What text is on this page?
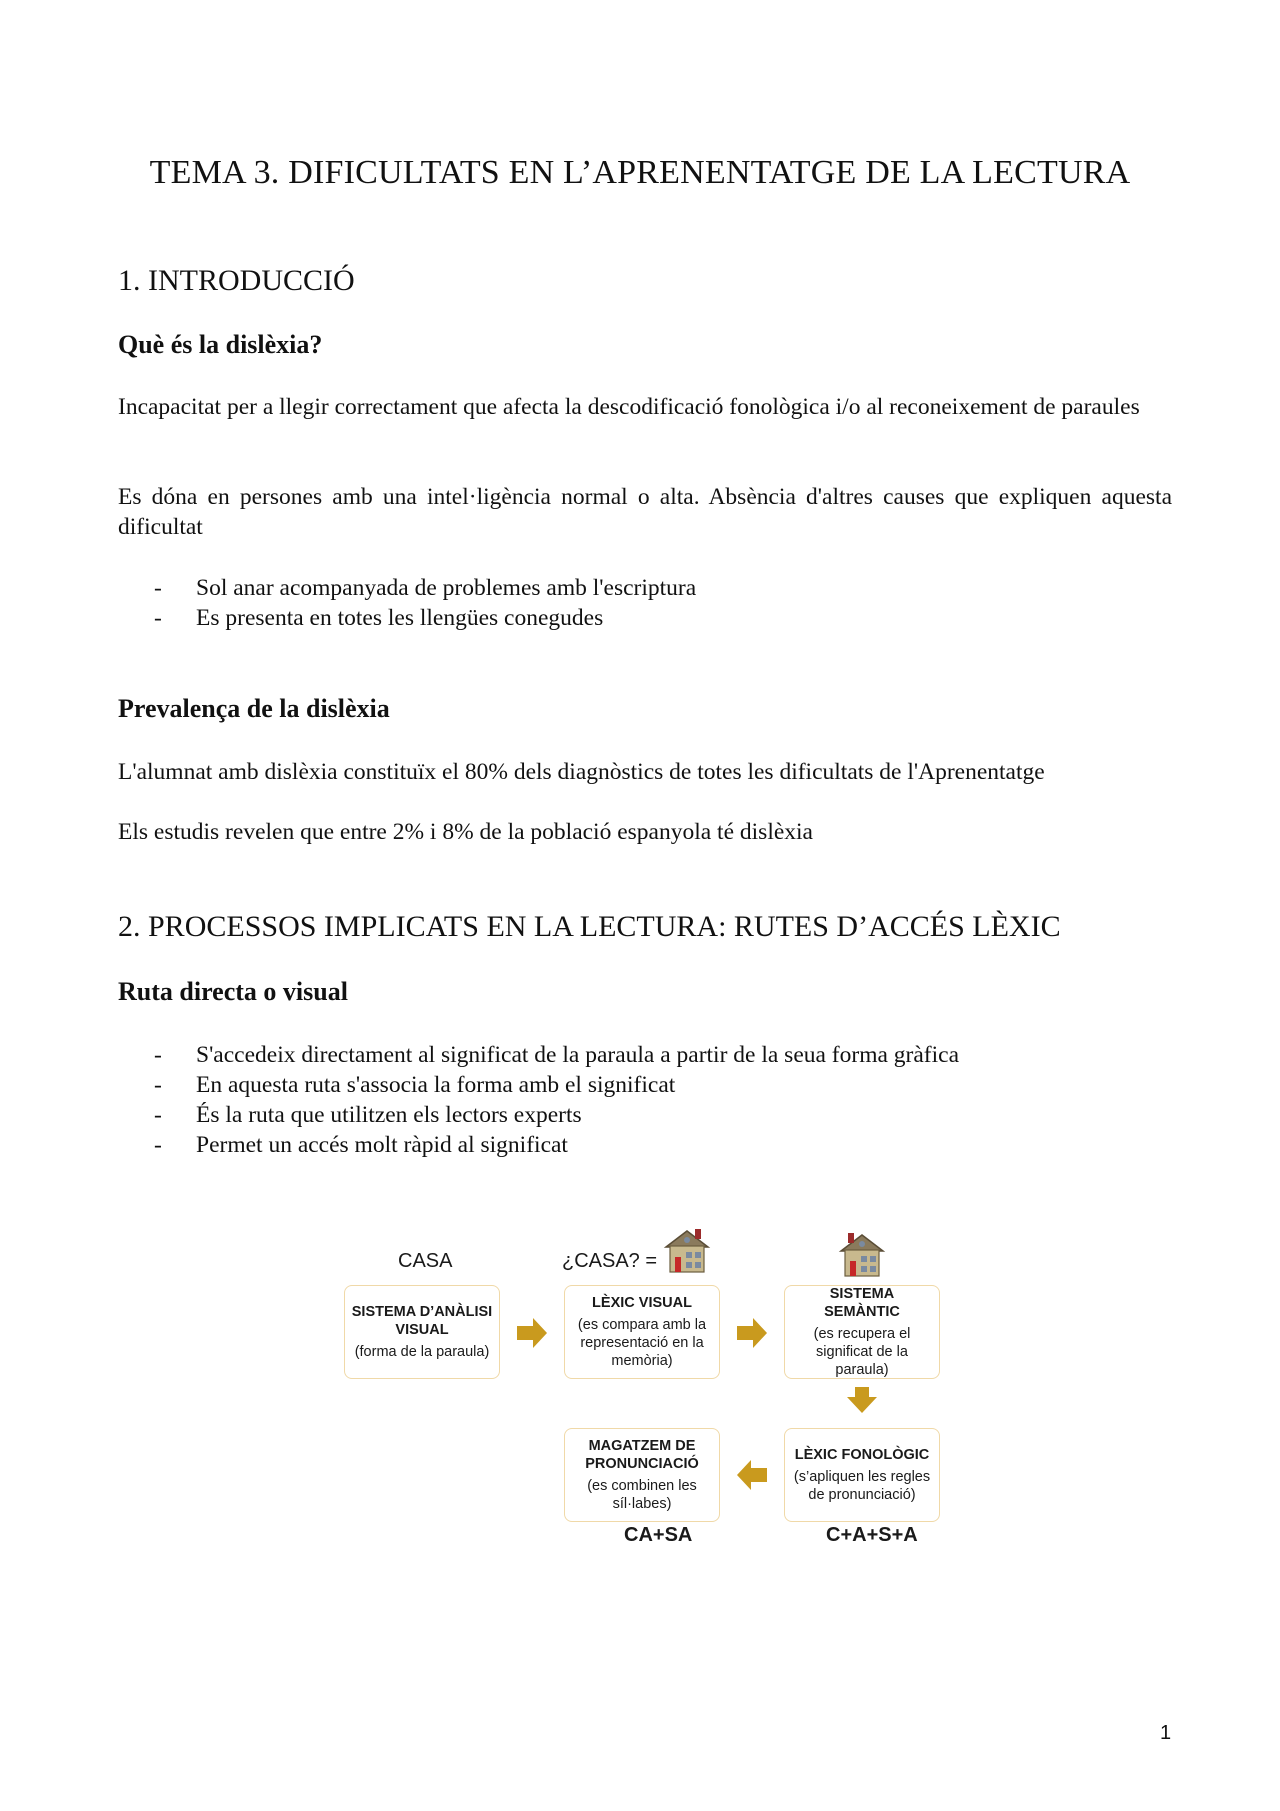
TEMA 3. DIFICULTATS EN L’APRENENTATGE DE LA LECTURA
1. INTRODUCCIÓ
Què és la dislèxia?

Incapacitat per a llegir correctament que afecta la descodificació fonològica i/o al reconeixement de paraules

Es dóna en persones amb una intel·ligència normal o alta. Absència d'altres causes que expliquen aquesta dificultat

- Sol anar acompanyada de problemes amb l'escriptura
- Es presenta en totes les llengües conegudes
Prevalença de la dislèxia

L'alumnat amb dislèxia constituïx el 80% dels diagnòstics de totes les dificultats de l'Aprenentatge

Els estudis revelen que entre 2% i 8% de la població espanyola té dislèxia

2. PROCESSOS IMPLICATS EN LA LECTURA: RUTES D’ACCÉS LÈXIC
Ruta directa o visual
- S'accedeix directament al significat de la paraula a partir de la seua forma gràfica
- En aquesta ruta s'associa la forma amb el significat
- És la ruta que utilitzen els lectors experts
- Permet un accés molt ràpid al significat
CASA	¿CASA? =
SISTEMA D’ANÀLISI VISUAL
(forma de la paraula)
LÈXIC VISUAL
(es compara amb la representació en la memòria)
SISTEMA SEMÀNTIC
(es recupera el significat de la paraula)
LÈXIC FONOLÒGIC
(s’apliquen les regles de pronunciació)
MAGATZEM DE PRONUNCIACIÓ
(es combinen les síl·labes)
CA+SA	C+A+S+A
1
